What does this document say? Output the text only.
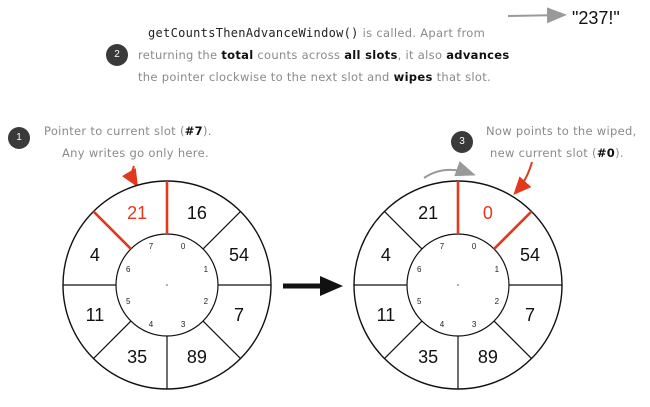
2
getCountsThenAdvanceWindow() is called. Apart from
returning the total counts across all slots, it also advances
the pointer clockwise to the next slot and wipes that slot.
"237!"
1	Pointer to current slot (#7).
Any writes go only here.
3
Now points to the wiped,
new current slot (#0).
16
0 54
1
7
2
89
3
35
4
11
5
4
6
21
7
0
0 54
1
7
2
89
3
35
4
11
5
4
6
21
7
